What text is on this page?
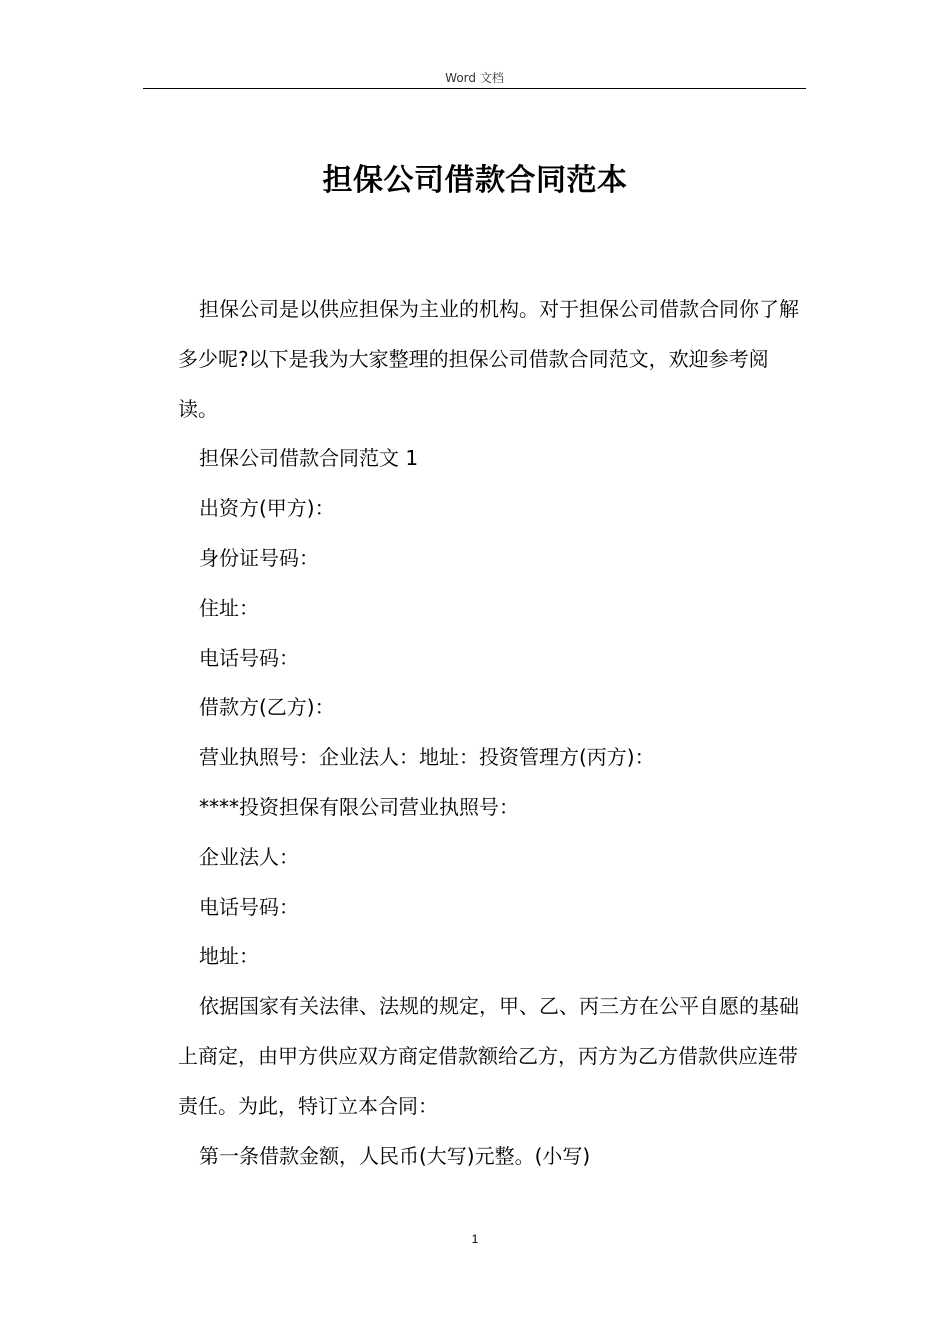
Word 文档
担保公司借款合同范本

担保公司是以供应担保为主业的机构。对于担保公司借款合同你了解多少呢?以下是我为大家整理的担保公司借款合同范文，欢迎参考阅读。

担保公司借款合同范文 1

出资方(甲方)：

身份证号码：

住址：

电话号码：

借款方(乙方)：

营业执照号：企业法人：地址：投资管理方(丙方)：

****投资担保有限公司营业执照号：

企业法人：

电话号码：

地址：

依据国家有关法律、法规的规定，甲、乙、丙三方在公平自愿的基础上商定，由甲方供应双方商定借款额给乙方，丙方为乙方借款供应连带责任。为此，特订立本合同：

第一条借款金额，人民币(大写)元整。(小写)

1
